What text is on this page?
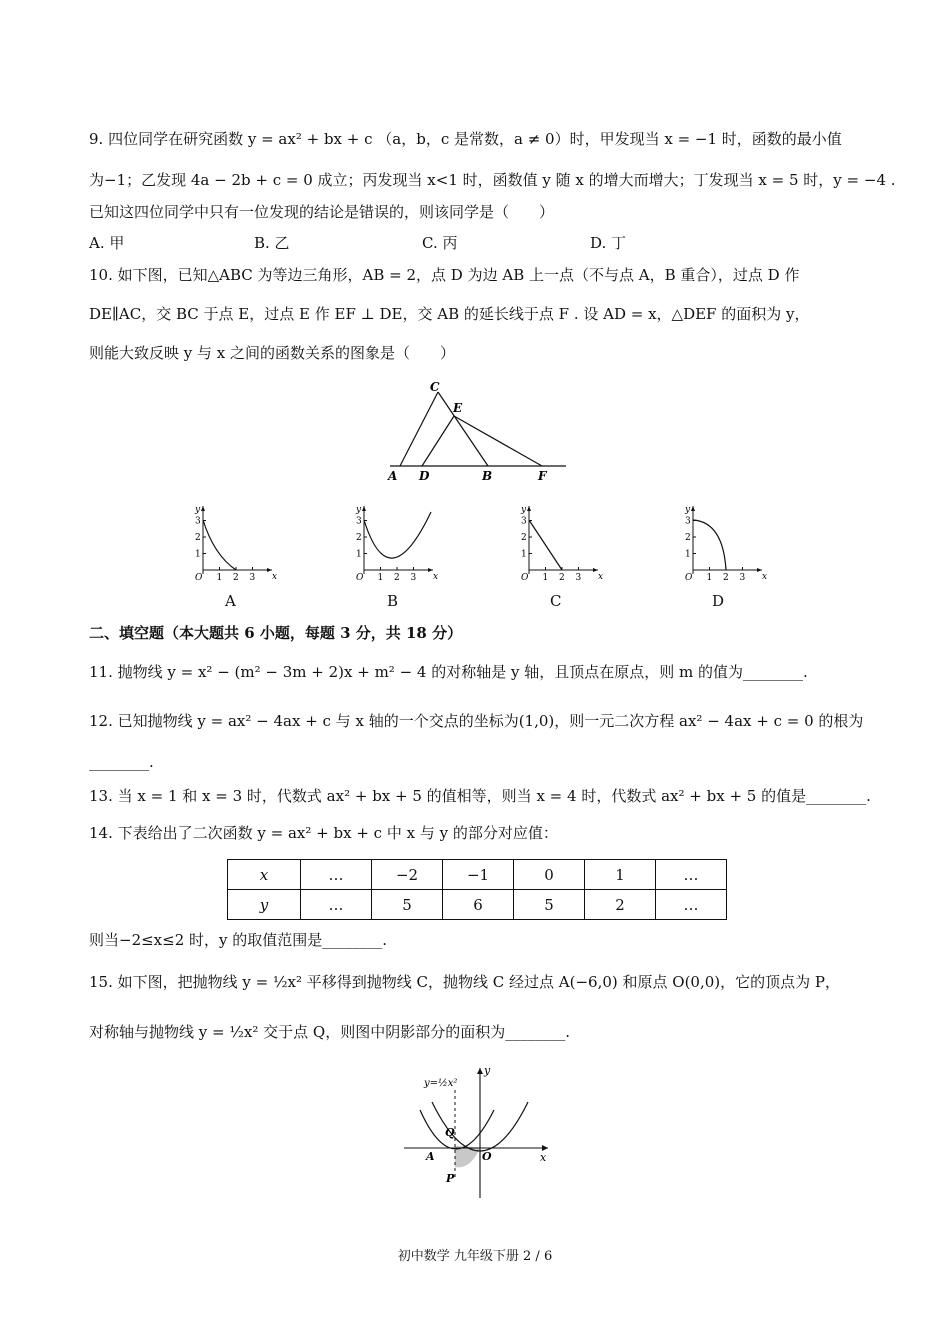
9. 四位同学在研究函数 y = ax² + bx + c （a，b，c 是常数，a ≠ 0）时，甲发现当 x = −1 时，函数的最小值
为−1；乙发现 4a − 2b + c = 0 成立；丙发现当 x<1 时，函数值 y 随 x 的增大而增大；丁发现当 x = 5 时，y = −4 .
已知这四位同学中只有一位发现的结论是错误的，则该同学是（　　）
A. 甲	B. 乙	C. 丙	D. 丁
10. 如下图，已知△ABC 为等边三角形，AB = 2，点 D 为边 AB 上一点（不与点 A，B 重合），过点 D 作
DE∥AC，交 BC 于点 E，过点 E 作 EF ⊥ DE，交 AB 的延长线于点 F . 设 AD = x，△DEF 的面积为 y，
则能大致反映 y 与 x 之间的函数关系的图象是（　　）
C
E
A D	B	F
y
x
O 1 2 3
1
2
3
y
x
O 1 2 3
1
2
3
y
x
O 1 2 3
1
2
3
y
x
O 1 2 3
1
2
3
A	B	C	D
二、填空题（本大题共 6 小题，每题 3 分，共 18 分）
11. 抛物线 y = x² − (m² − 3m + 2)x + m² − 4 的对称轴是 y 轴，且顶点在原点，则 m 的值为________.
12. 已知抛物线 y = ax² − 4ax + c 与 x 轴的一个交点的坐标为(1,0)，则一元二次方程 ax² − 4ax + c = 0 的根为
________.
13. 当 x = 1 和 x = 3 时，代数式 ax² + bx + 5 的值相等，则当 x = 4 时，代数式 ax² + bx + 5 的值是________.
14. 下表给出了二次函数 y = ax² + bx + c 中 x 与 y 的部分对应值：
x	…	−2	−1	0	1	…
y	…	5	6	5	2	…
则当−2≤x≤2 时，y 的取值范围是________.
15. 如下图，把抛物线 y = ½x² 平移得到抛物线 C，抛物线 C 经过点 A(−6,0) 和原点 O(0,0)，它的顶点为 P，
对称轴与抛物线 y = ½x² 交于点 Q，则图中阴影部分的面积为________.
y=½x²
y
x
Q
A	O
P
初中数学 九年级下册 2 / 6
